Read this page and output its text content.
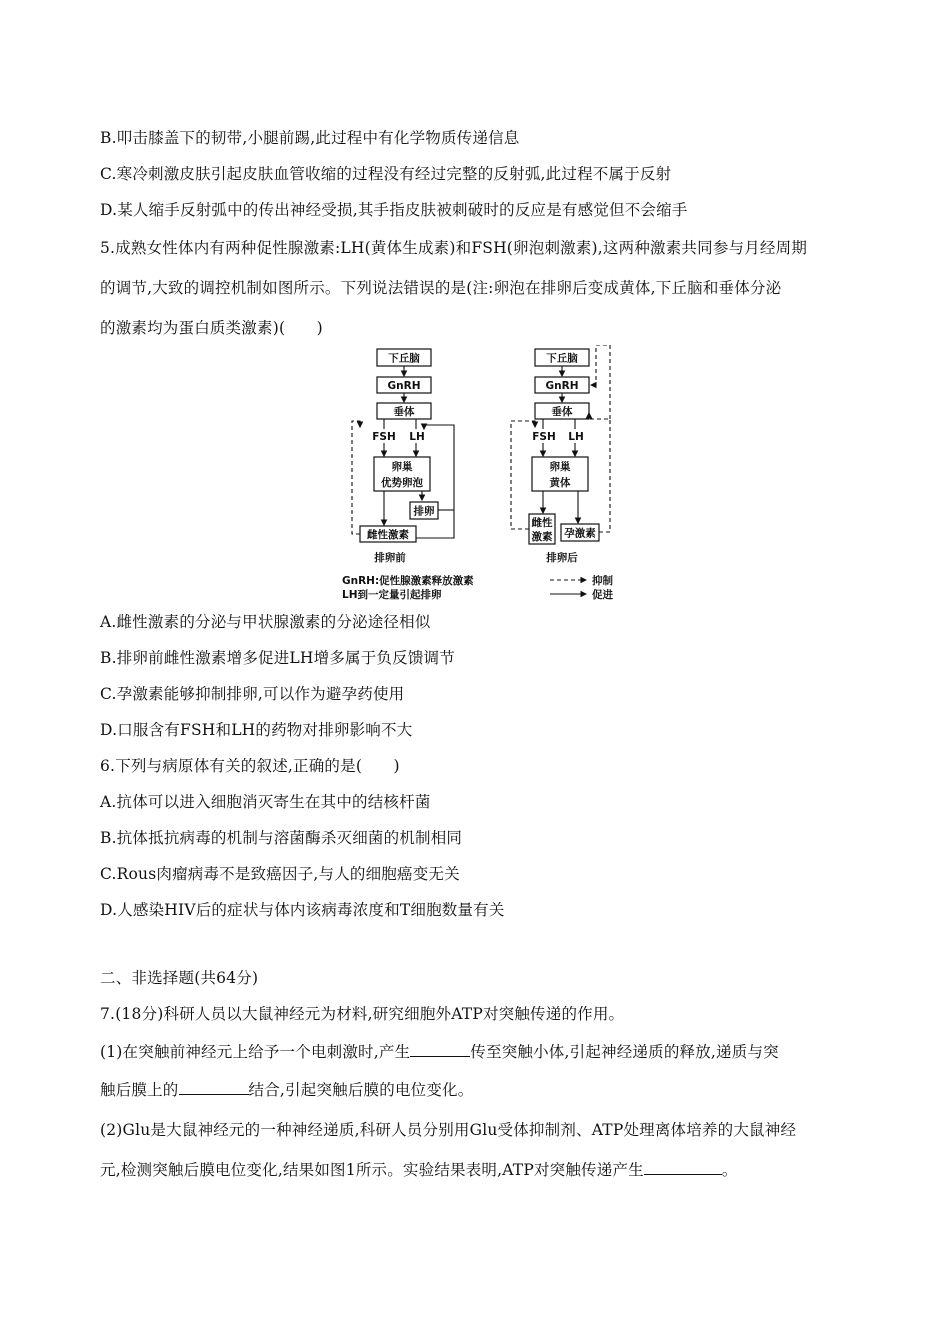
B.叩击膝盖下的韧带,小腿前踢,此过程中有化学物质传递信息
C.寒冷刺激皮肤引起皮肤血管收缩的过程没有经过完整的反射弧,此过程不属于反射
D.某人缩手反射弧中的传出神经受损,其手指皮肤被刺破时的反应是有感觉但不会缩手
5.成熟女性体内有两种促性腺激素:LH(黄体生成素)和FSH(卵泡刺激素),这两种激素共同参与月经周期
的调节,大致的调控机制如图所示。下列说法错误的是(注:卵泡在排卵后变成黄体,下丘脑和垂体分泌
的激素均为蛋白质类激素)(　　)
下丘脑
GnRH
垂体
FSH LH
卵巢
优势卵泡
排卵
雌性激素
排卵前
下丘脑
GnRH
垂体
FSH LH
卵巢
黄体
雌性
激素 孕激素
排卵后
GnRH:促性腺激素释放激素
LH到一定量引起排卵
抑制
促进
A.雌性激素的分泌与甲状腺激素的分泌途径相似
B.排卵前雌性激素增多促进LH增多属于负反馈调节
C.孕激素能够抑制排卵,可以作为避孕药使用
D.口服含有FSH和LH的药物对排卵影响不大
6.下列与病原体有关的叙述,正确的是(　　)
A.抗体可以进入细胞消灭寄生在其中的结核杆菌
B.抗体抵抗病毒的机制与溶菌酶杀灭细菌的机制相同
C.Rous肉瘤病毒不是致癌因子,与人的细胞癌变无关
D.人感染HIV后的症状与体内该病毒浓度和T细胞数量有关
二、非选择题(共64分)
7.(18分)科研人员以大鼠神经元为材料,研究细胞外ATP对突触传递的作用。
(1)在突触前神经元上给予一个电刺激时,产生	传至突触小体,引起神经递质的释放,递质与突
触后膜上的	结合,引起突触后膜的电位变化。
(2)Glu是大鼠神经元的一种神经递质,科研人员分别用Glu受体抑制剂、ATP处理离体培养的大鼠神经
元,检测突触后膜电位变化,结果如图1所示。实验结果表明,ATP对突触传递产生	。
